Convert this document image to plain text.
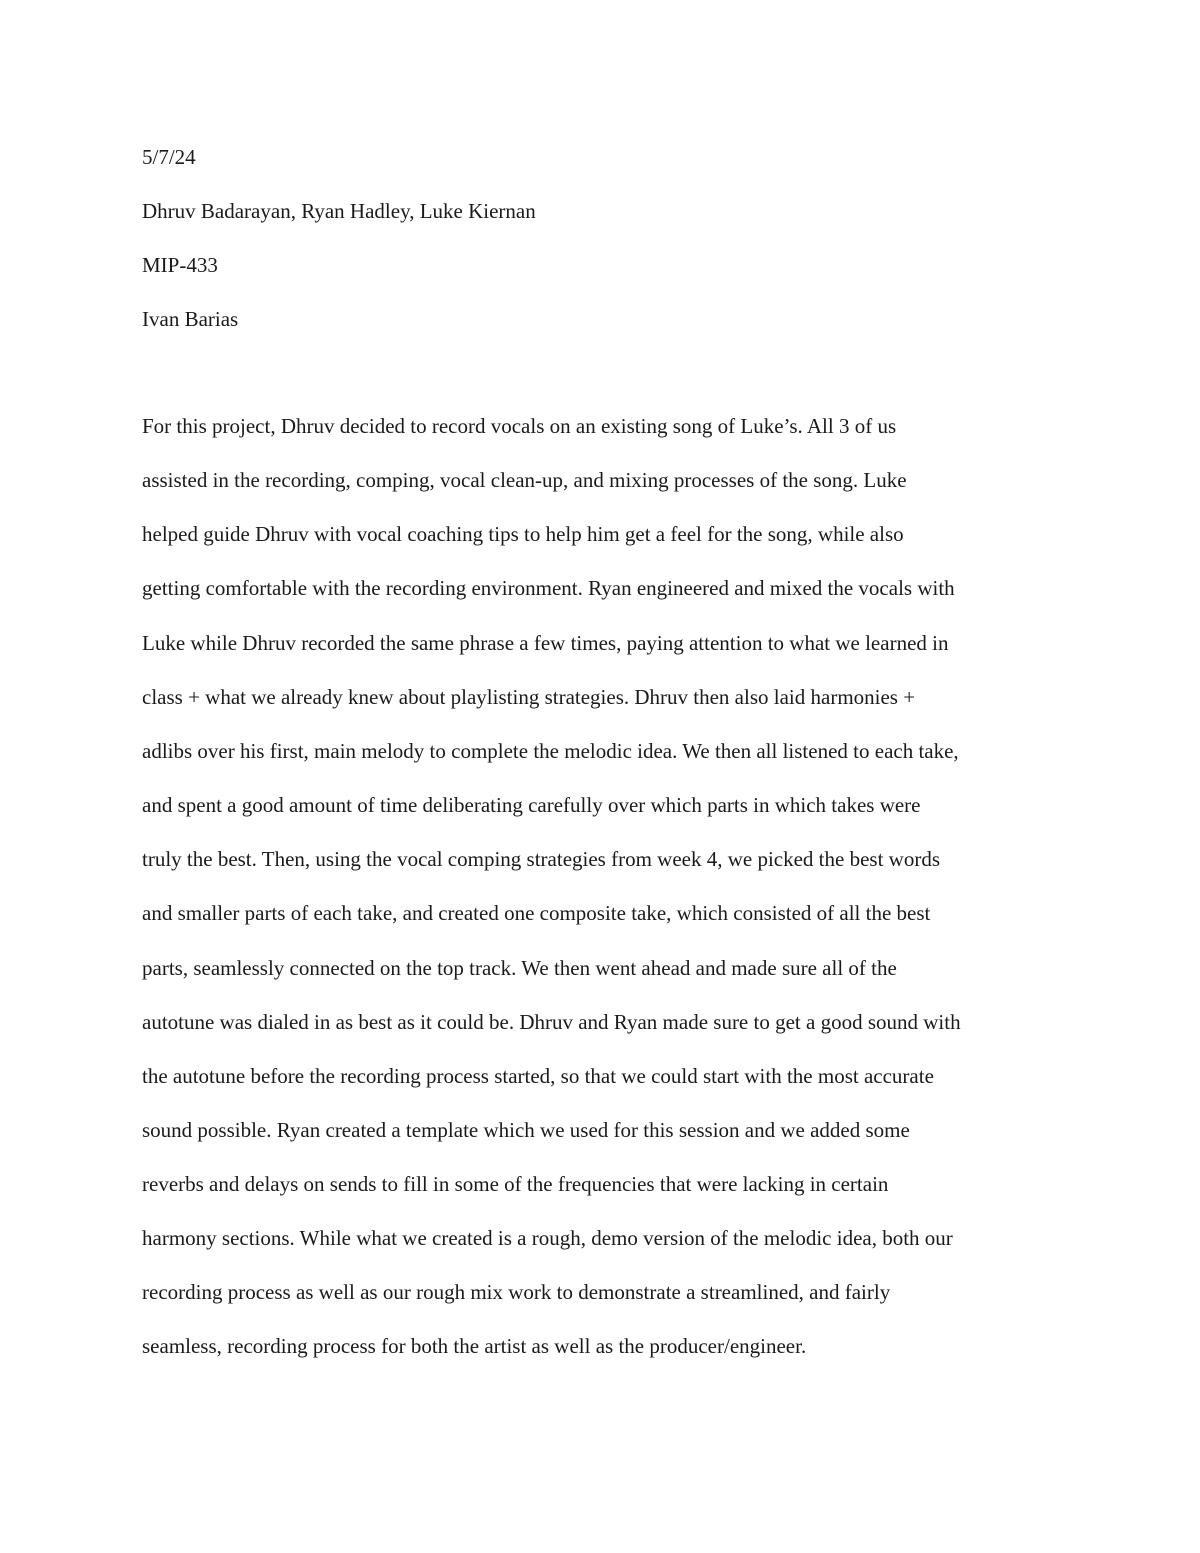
5/7/24

Dhruv Badarayan, Ryan Hadley, Luke Kiernan

MIP-433

Ivan Barias

For this project, Dhruv decided to record vocals on an existing song of Luke’s. All 3 of us

assisted in the recording, comping, vocal clean-up, and mixing processes of the song. Luke

helped guide Dhruv with vocal coaching tips to help him get a feel for the song, while also

getting comfortable with the recording environment. Ryan engineered and mixed the vocals with

Luke while Dhruv recorded the same phrase a few times, paying attention to what we learned in

class + what we already knew about playlisting strategies. Dhruv then also laid harmonies +

adlibs over his first, main melody to complete the melodic idea. We then all listened to each take,

and spent a good amount of time deliberating carefully over which parts in which takes were

truly the best. Then, using the vocal comping strategies from week 4, we picked the best words

and smaller parts of each take, and created one composite take, which consisted of all the best

parts, seamlessly connected on the top track. We then went ahead and made sure all of the

autotune was dialed in as best as it could be. Dhruv and Ryan made sure to get a good sound with

the autotune before the recording process started, so that we could start with the most accurate

sound possible. Ryan created a template which we used for this session and we added some

reverbs and delays on sends to fill in some of the frequencies that were lacking in certain

harmony sections. While what we created is a rough, demo version of the melodic idea, both our

recording process as well as our rough mix work to demonstrate a streamlined, and fairly

seamless, recording process for both the artist as well as the producer/engineer.
